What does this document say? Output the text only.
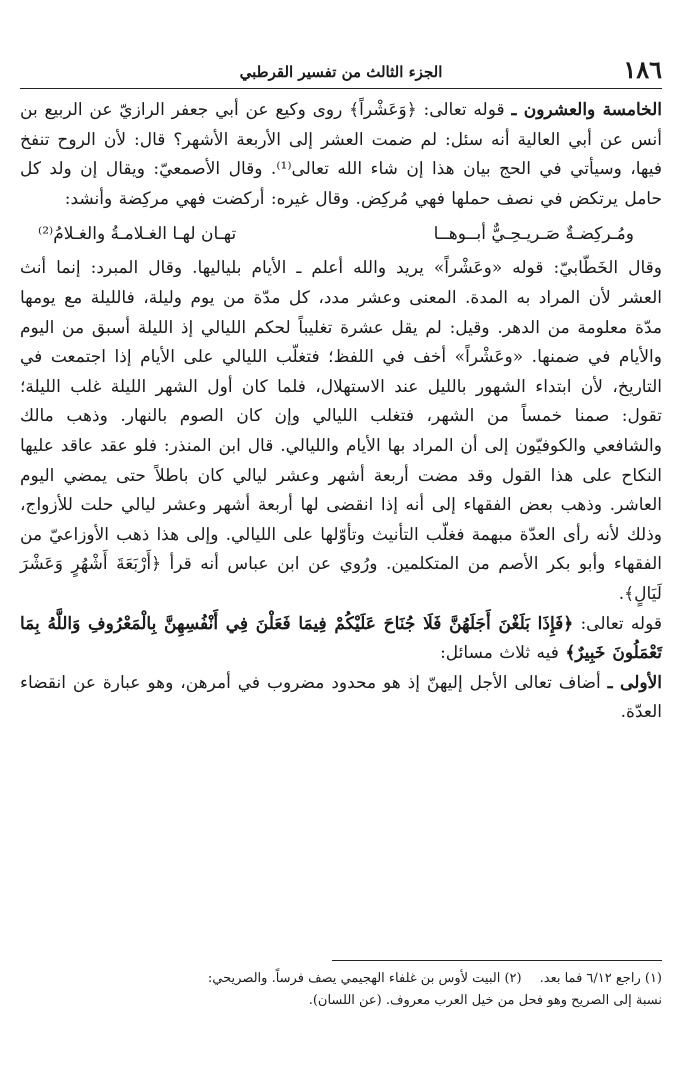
١٨٦
الجزء الثالث من تفسير القرطبي

الخامسة والعشرون ـ قوله تعالى: ﴿وَعَشْراً﴾ روى وكيع عن أبي جعفر الرازيّ عن الربيع بن أنس عن أبي العالية أنه سئل: لم ضمت العشر إلى الأربعة الأشهر؟ قال: لأن الروح تنفخ فيها، وسيأتي في الحج بيان هذا إن شاء الله تعالى⁽¹⁾. وقال الأصمعيّ: ويقال إن ولد كل حامل يرتكض في نصف حملها فهي مُركِض. وقال غيره: أركضت فهي مركِضة وأنشد:

ومُـركِضـةٌ صَـريـحِـيٌّ أبــوهــا
تهـان لهـا الغـلامـةُ والغـلامُ⁽²⁾

وقال الخَطّابيّ: قوله «وعَشْراً» يريد والله أعلم ـ الأيام بلياليها. وقال المبرد: إنما أنث العشر لأن المراد به المدة. المعنى وعشر مدد، كل مدّة من يوم وليلة، فالليلة مع يومها مدّة معلومة من الدهر. وقيل: لم يقل عشرة تغليباً لحكم الليالي إذ الليلة أسبق من اليوم والأيام في ضمنها. «وعَشْراً» أخف في اللفظ؛ فتغلّب الليالي على الأيام إذا اجتمعت في التاريخ، لأن ابتداء الشهور بالليل عند الاستهلال، فلما كان أول الشهر الليلة غلب الليلة؛ تقول: صمنا خمساً من الشهر، فتغلب الليالي وإن كان الصوم بالنهار. وذهب مالك والشافعي والكوفيّون إلى أن المراد بها الأيام والليالي. قال ابن المنذر: فلو عقد عاقد عليها النكاح على هذا القول وقد مضت أربعة أشهر وعشر ليالي كان باطلاً حتى يمضي اليوم العاشر. وذهب بعض الفقهاء إلى أنه إذا انقضى لها أربعة أشهر وعشر ليالي حلت للأزواج، وذلك لأنه رأى العدّة مبهمة فغلّب التأنيث وتأوّلها على الليالي. وإلى هذا ذهب الأوزاعيّ من الفقهاء وأبو بكر الأصم من المتكلمين. ورُوي عن ابن عباس أنه قرأ ﴿أَرْبَعَةَ أَشْهُرٍ وَعَشْرَ لَيَالٍ﴾.

قوله تعالى: ﴿فَإِذَا بَلَغْنَ أَجَلَهُنَّ فَلَا جُنَاحَ عَلَيْكُمْ فِيمَا فَعَلْنَ فِي أَنْفُسِهِنَّ بِالْمَعْرُوفِ وَاللَّهُ بِمَا تَعْمَلُونَ خَبِيرٌ﴾ فيه ثلاث مسائل:

الأولى ـ أضاف تعالى الأجل إليهنّ إذ هو محدود مضروب في أمرهن، وهو عبارة عن انقضاء العدّة.

(١) راجع ٦/١٢ فما بعد.
(٢) البيت لأوس بن غلفاء الهجيمي يصف فرساً. والصريحي:

نسبة إلى الصريح وهو فحل من خيل العرب معروف. (عن اللسان).
